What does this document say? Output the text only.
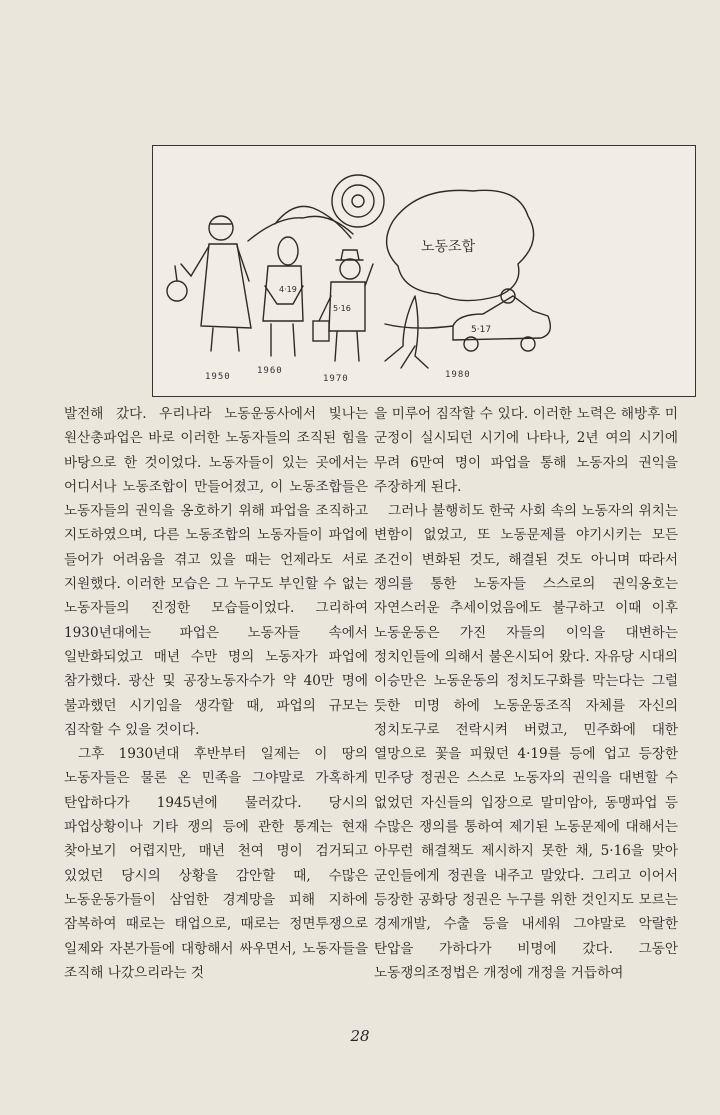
노동조합
5·16
5·17
4·19
1950
1960
1970	1980

발전해 갔다. 우리나라 노동운동사에서 빛나는 원산총파업은 바로 이러한 노동자들의 조직된 힘을 바탕으로 한 것이었다. 노동자들이 있는 곳에서는 어디서나 노동조합이 만들어졌고, 이 노동조합들은 노동자들의 권익을 옹호하기 위해 파업을 조직하고 지도하였으며, 다른 노동조합의 노동자들이 파업에 들어가 어려움을 겪고 있을 때는 언제라도 서로 지원했다. 이러한 모습은 그 누구도 부인할 수 없는 노동자들의 진정한 모습들이었다. 그리하여 1930년대에는 파업은 노동자들 속에서 일반화되었고 매년 수만 명의 노동자가 파업에 참가했다. 광산 및 공장노동자수가 약 40만 명에 불과했던 시기임을 생각할 때, 파업의 규모는 짐작할 수 있을 것이다.

그후 1930년대 후반부터 일제는 이 땅의 노동자들은 물론 온 민족을 그야말로 가혹하게 탄압하다가 1945년에 물러갔다. 당시의 파업상황이나 기타 쟁의 등에 관한 통계는 현재 찾아보기 어렵지만, 매년 천여 명이 검거되고 있었던 당시의 상황을 감안할 때, 수많은 노동운동가들이 삼엄한 경계망을 피해 지하에 잠복하여 때로는 태업으로, 때로는 정면투쟁으로 일제와 자본가들에 대항해서 싸우면서, 노동자들을 조직해 나갔으리라는 것

을 미루어 짐작할 수 있다. 이러한 노력은 해방후 미 군정이 실시되던 시기에 나타나, 2년 여의 시기에 무려 6만여 명이 파업을 통해 노동자의 권익을 주장하게 된다.

그러나 불행히도 한국 사회 속의 노동자의 위치는 변함이 없었고, 또 노동문제를 야기시키는 모든 조건이 변화된 것도, 해결된 것도 아니며 따라서 쟁의를 통한 노동자들 스스로의 권익옹호는 자연스러운 추세이었음에도 불구하고 이때 이후 노동운동은 가진 자들의 이익을 대변하는 정치인들에 의해서 불온시되어 왔다. 자유당 시대의 이승만은 노동운동의 정치도구화를 막는다는 그럴 듯한 미명 하에 노동운동조직 자체를 자신의 정치도구로 전락시켜 버렸고, 민주화에 대한 열망으로 꽃을 피웠던 4·19를 등에 업고 등장한 민주당 정권은 스스로 노동자의 권익을 대변할 수 없었던 자신들의 입장으로 말미암아, 동맹파업 등 수많은 쟁의를 통하여 제기된 노동문제에 대해서는 아무런 해결책도 제시하지 못한 채, 5·16을 맞아 군인들에게 정권을 내주고 말았다. 그리고 이어서 등장한 공화당 정권은 누구를 위한 것인지도 모르는 경제개발, 수출 등을 내세워 그야말로 악랄한 탄압을 가하다가 비명에 갔다. 그동안 노동쟁의조정법은 개정에 개정을 거듭하여

28
